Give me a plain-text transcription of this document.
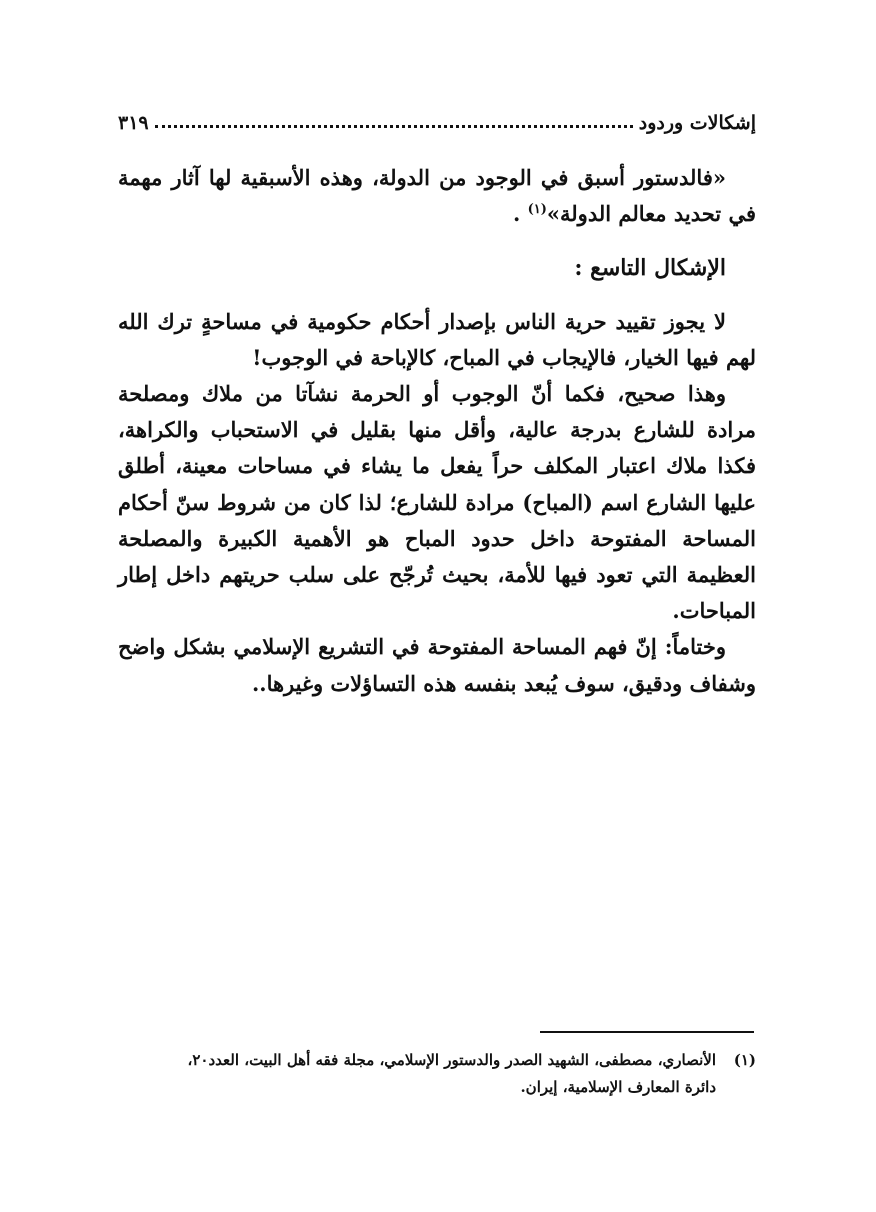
إشكالات وردود
٣١٩

«فالدستور أسبق في الوجود من الدولة، وهذه الأسبقية لها آثار مهمة في تحديد معالم الدولة»$^{(١)}$ .

الإشكال التاسع :

لا يجوز تقييد حرية الناس بإصدار أحكام حكومية في مساحةٍ ترك الله لهم فيها الخيار، فالإيجاب في المباح، كالإباحة في الوجوب!

وهذا صحيح، فكما أنّ الوجوب أو الحرمة نشآتا من ملاك ومصلحة مرادة للشارع بدرجة عالية، وأقل منها بقليل في الاستحباب والكراهة، فكذا ملاك اعتبار المكلف حراً يفعل ما يشاء في مساحات معينة، أطلق عليها الشارع اسم (المباح) مرادة للشارع؛ لذا كان من شروط سنّ أحكام المساحة المفتوحة داخل حدود المباح هو الأهمية الكبيرة والمصلحة العظيمة التي تعود فيها للأمة، بحيث تُرجّح على سلب حريتهم داخل إطار المباحات.

وختاماً: إنّ فهم المساحة المفتوحة في التشريع الإسلامي بشكل واضح وشفاف ودقيق، سوف يُبعد بنفسه هذه التساؤلات وغيرها..

(١)الأنصاري، مصطفى، الشهيد الصدر والدستور الإسلامي، مجلة فقه أهل البيت، العدد٢٠،
دائرة المعارف الإسلامية، إيران.
